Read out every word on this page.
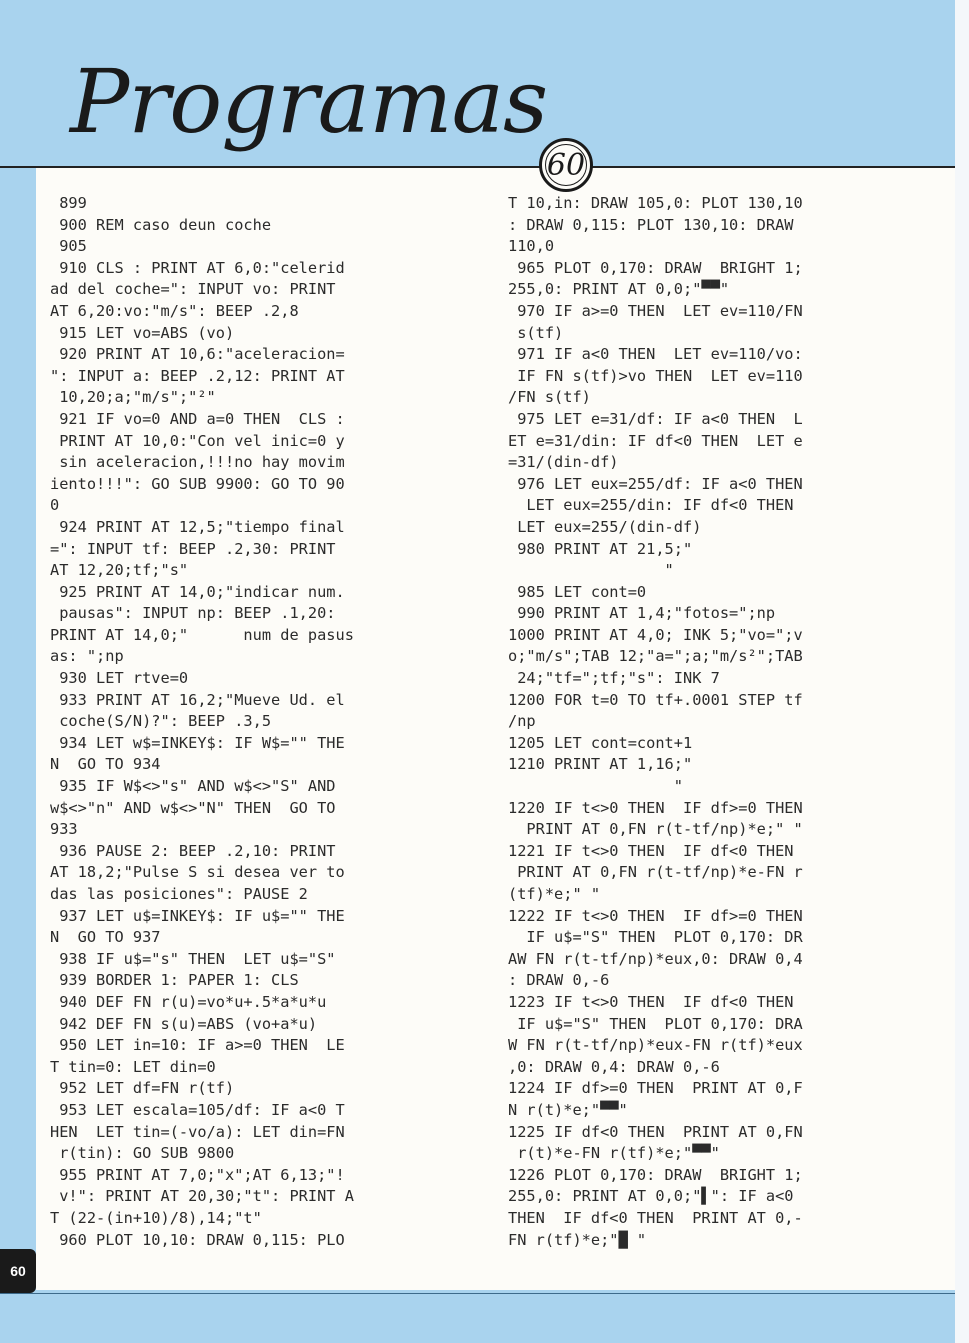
Programas
60
899
900 REM caso deun coche
905
910 CLS : PRINT AT 6,0:"celerid
ad del coche=": INPUT vo: PRINT
AT 6,20:vo:"m/s": BEEP .2,8
915 LET vo=ABS (vo)
920 PRINT AT 10,6:"aceleracion=
": INPUT a: BEEP .2,12: PRINT AT
10,20;a;"m/s";"²"
921 IF vo=0 AND a=0 THEN  CLS :
PRINT AT 10,0:"Con vel inic=0 y
sin aceleracion,!!!no hay movim
iento!!!": GO SUB 9900: GO TO 90
0
924 PRINT AT 12,5;"tiempo final
=": INPUT tf: BEEP .2,30: PRINT
AT 12,20;tf;"s"
925 PRINT AT 14,0;"indicar num.
pausas": INPUT np: BEEP .1,20:
PRINT AT 14,0;"      num de pasus
as: ";np
930 LET rtve=0
933 PRINT AT 16,2;"Mueve Ud. el
coche(S/N)?": BEEP .3,5
934 LET w$=INKEY$: IF W$="" THE
N  GO TO 934
935 IF W$<>"s" AND w$<>"S" AND
w$<>"n" AND w$<>"N" THEN  GO TO
933
936 PAUSE 2: BEEP .2,10: PRINT
AT 18,2;"Pulse S si desea ver to
das las posiciones": PAUSE 2
937 LET u$=INKEY$: IF u$="" THE
N  GO TO 937
938 IF u$="s" THEN  LET u$="S"
939 BORDER 1: PAPER 1: CLS
940 DEF FN r(u)=vo*u+.5*a*u*u
942 DEF FN s(u)=ABS (vo+a*u)
950 LET in=10: IF a>=0 THEN  LE
T tin=0: LET din=0
952 LET df=FN r(tf)
953 LET escala=105/df: IF a<0 T
HEN  LET tin=(-vo/a): LET din=FN
r(tin): GO SUB 9800
955 PRINT AT 7,0;"x";AT 6,13;"!
v!": PRINT AT 20,30;"t": PRINT A
T (22-(in+10)/8),14;"t"
960 PLOT 10,10: DRAW 0,115: PLO
T 10,in: DRAW 105,0: PLOT 130,10
: DRAW 0,115: PLOT 130,10: DRAW
110,0
965 PLOT 0,170: DRAW  BRIGHT 1;
255,0: PRINT AT 0,0;"▀▀"
970 IF a>=0 THEN  LET ev=110/FN
s(tf)
971 IF a<0 THEN  LET ev=110/vo:
IF FN s(tf)>vo THEN  LET ev=110
/FN s(tf)
975 LET e=31/df: IF a<0 THEN  L
ET e=31/din: IF df<0 THEN  LET e
=31/(din-df)
976 LET eux=255/df: IF a<0 THEN
LET eux=255/din: IF df<0 THEN
LET eux=255/(din-df)
980 PRINT AT 21,5;"
"
985 LET cont=0
990 PRINT AT 1,4;"fotos=";np
1000 PRINT AT 4,0; INK 5;"vo=";v
o;"m/s";TAB 12;"a=";a;"m/s²";TAB
24;"tf=";tf;"s": INK 7
1200 FOR t=0 TO tf+.0001 STEP tf
/np
1205 LET cont=cont+1
1210 PRINT AT 1,16;"
"
1220 IF t<>0 THEN  IF df>=0 THEN
PRINT AT 0,FN r(t-tf/np)*e;" "
1221 IF t<>0 THEN  IF df<0 THEN
PRINT AT 0,FN r(t-tf/np)*e-FN r
(tf)*e;" "
1222 IF t<>0 THEN  IF df>=0 THEN
IF u$="S" THEN  PLOT 0,170: DR
AW FN r(t-tf/np)*eux,0: DRAW 0,4
: DRAW 0,-6
1223 IF t<>0 THEN  IF df<0 THEN
IF u$="S" THEN  PLOT 0,170: DRA
W FN r(t-tf/np)*eux-FN r(tf)*eux
,0: DRAW 0,4: DRAW 0,-6
1224 IF df>=0 THEN  PRINT AT 0,F
N r(t)*e;"▀▀"
1225 IF df<0 THEN  PRINT AT 0,FN
r(t)*e-FN r(tf)*e;"▀▀"
1226 PLOT 0,170: DRAW  BRIGHT 1;
255,0: PRINT AT 0,0;"▌": IF a<0
THEN  IF df<0 THEN  PRINT AT 0,-
FN r(tf)*e;"█ "
60
